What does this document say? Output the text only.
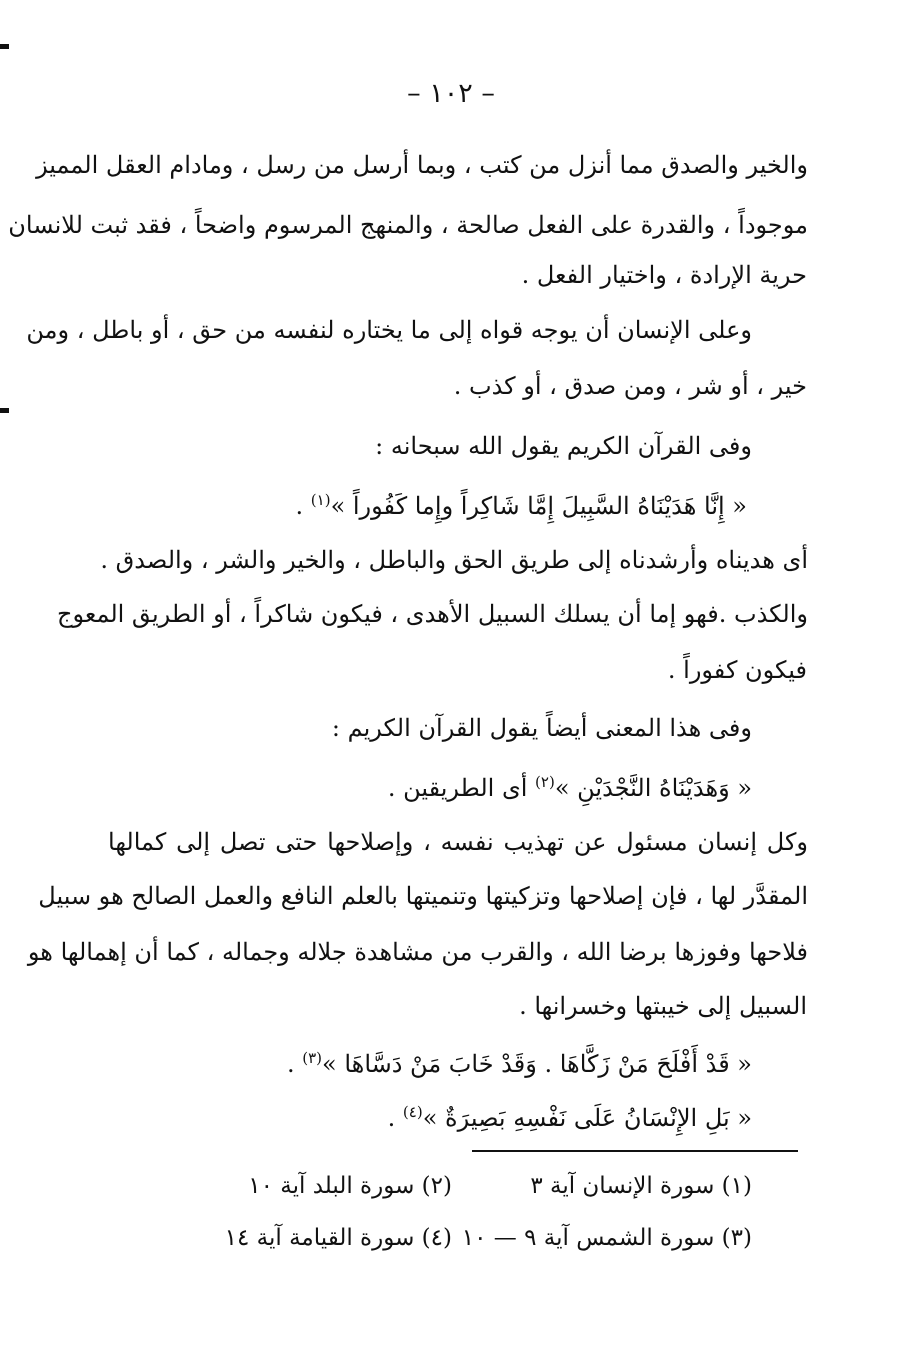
– ١٠٢ –
والخير والصدق مما أنزل من كتب ، وبما أرسل من رسل ، ومادام العقل المميز
موجوداً ، والقدرة على الفعل صالحة ، والمنهج المرسوم واضحاً ، فقد ثبت للانسان
حرية الإرادة ، واختيار الفعل .
وعلى الإنسان أن يوجه قواه إلى ما يختاره لنفسه من حق ، أو باطل ، ومن
خير ، أو شر ، ومن صدق ، أو كذب .
وفى القرآن الكريم يقول الله سبحانه :
« إِنَّا هَدَيْنَاهُ السَّبِيلَ إِمَّا شَاكِراً وإِما كَفُوراً »$^{(١)}$ .
أى هديناه وأرشدناه إلى طريق الحق والباطل ، والخير والشر ، والصدق .
والكذب .فهو إما أن يسلك السبيل الأهدى ، فيكون شاكراً ، أو الطريق المعوج
فيكون كفوراً .
وفى هذا المعنى أيضاً يقول القرآن الكريم :
« وَهَدَيْنَاهُ النَّجْدَيْنِ »$^{(٢)}$ أى الطريقين .
وكل إنسان مسئول عن تهذيب نفسه ، وإصلاحها حتى تصل إلى كمالها
المقدَّر لها ، فإن إصلاحها وتزكيتها وتنميتها بالعلم النافع والعمل الصالح هو سبيل
فلاحها وفوزها برضا الله ، والقرب من مشاهدة جلاله وجماله ، كما أن إهمالها هو
السبيل إلى خيبتها وخسرانها .
« قَدْ أَفْلَحَ مَنْ زَكَّاهَا . وَقَدْ خَابَ مَنْ دَسَّاهَا »$^{(٣)}$ .
« بَلِ الإِنْسَانُ عَلَى نَفْسِهِ بَصِيرَةٌ »$^{(٤)}$ .
(١) سورة الإنسان آية ٣
(٢) سورة البلد آية ١٠
(٣) سورة الشمس آية ٩ — ١٠
(٤) سورة القيامة آية ١٤
